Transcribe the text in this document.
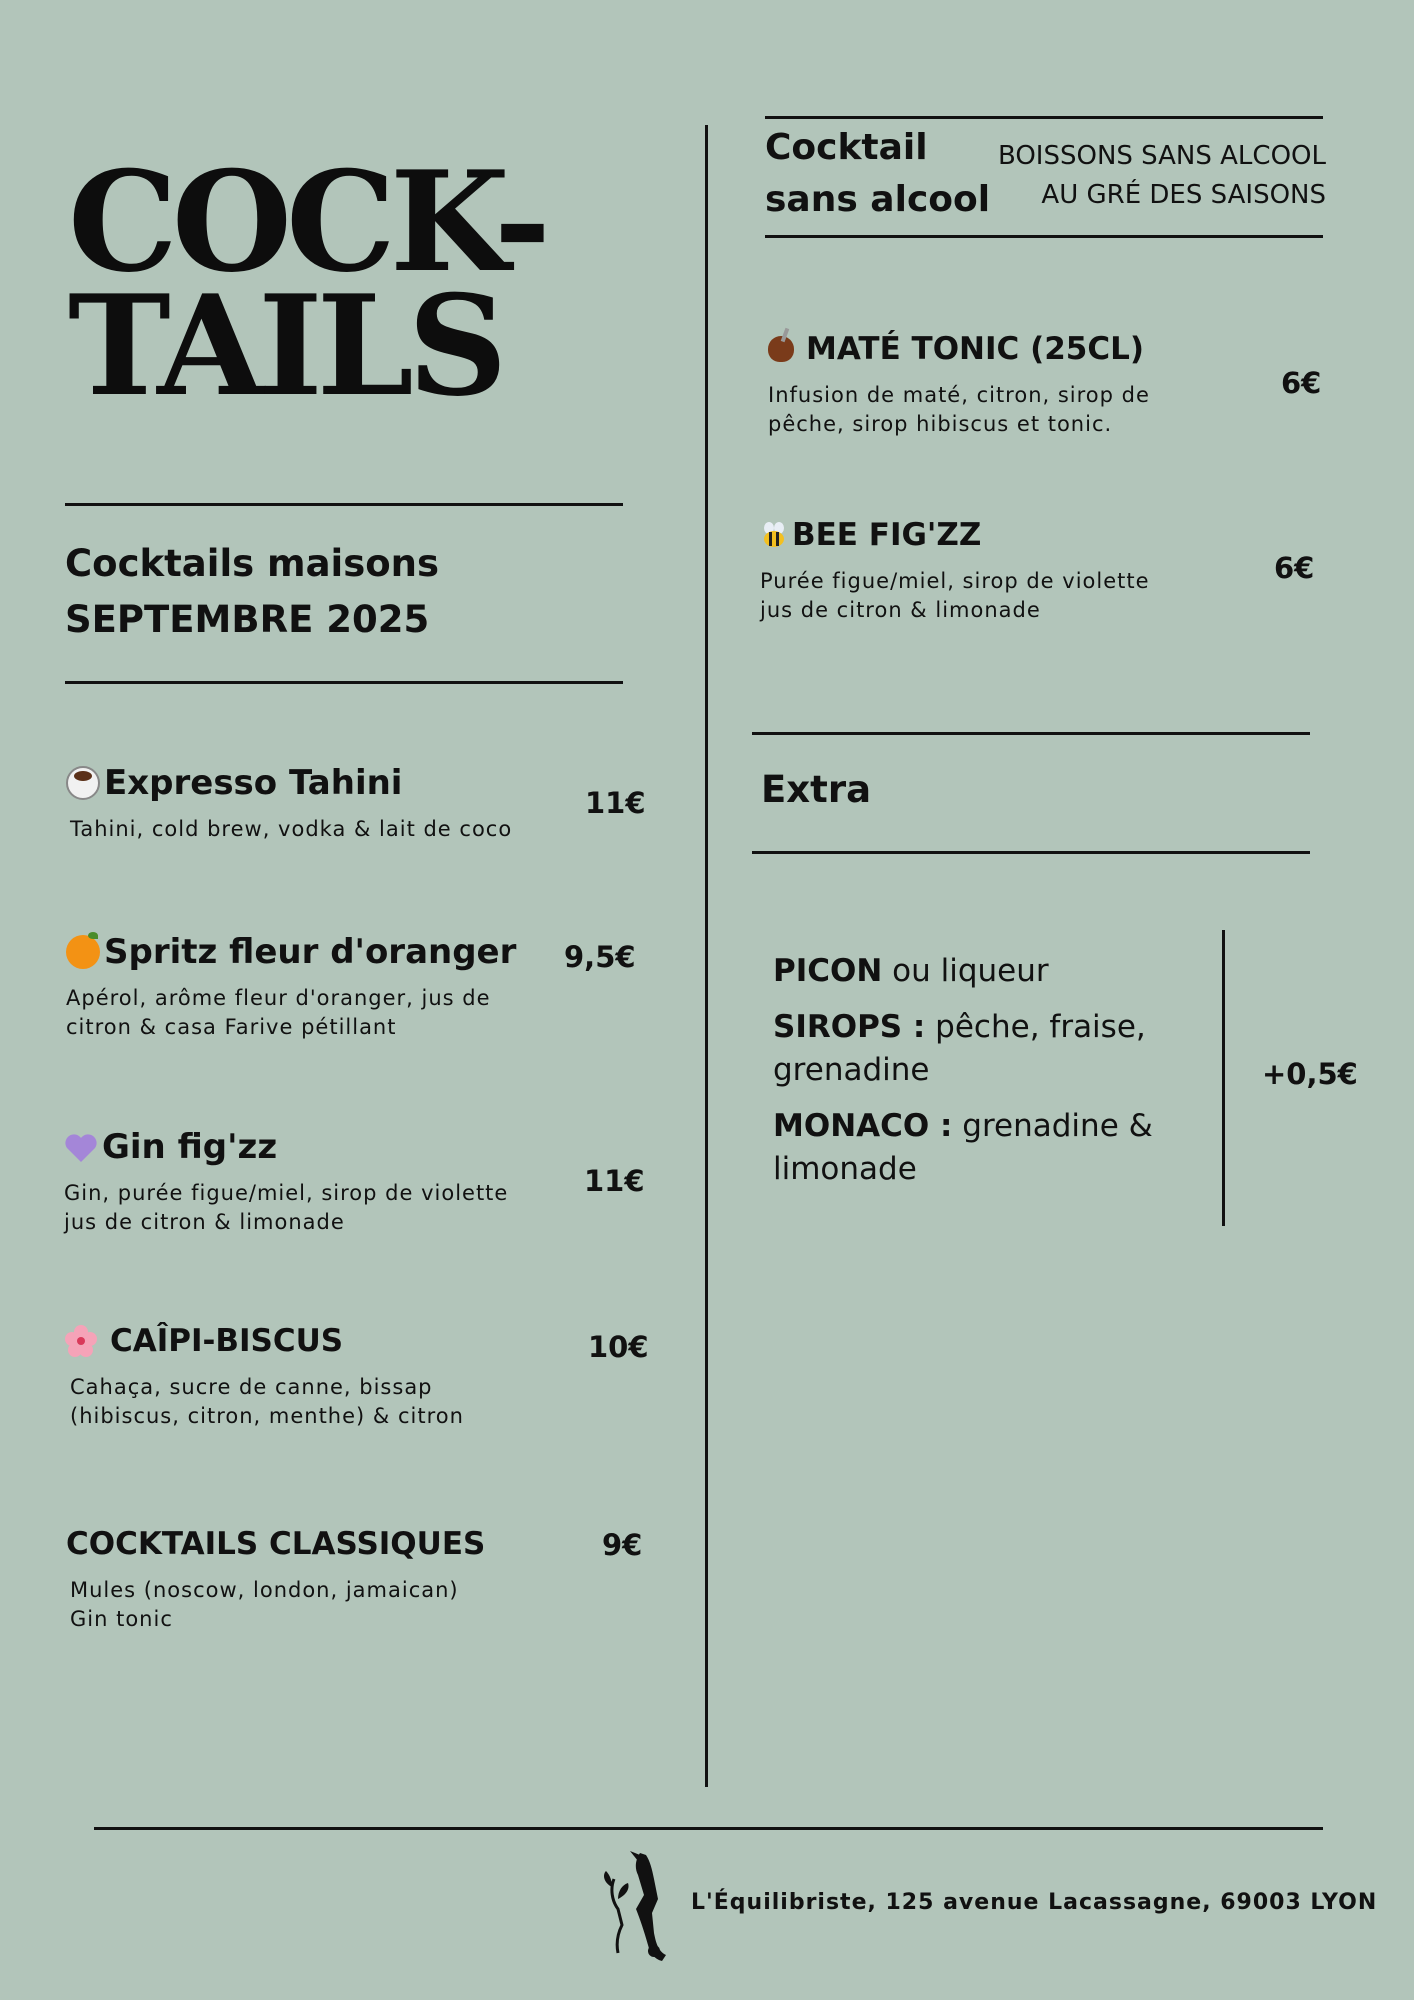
COCK-
TAILS
Cocktails maisons
SEPTEMBRE 2025
Expresso Tahini
Tahini, cold brew, vodka & lait de coco
11€
Spritz fleur d'oranger
Apérol, arôme fleur d'oranger, jus de
citron & casa Farive pétillant
9,5€
Gin fig'zz
Gin, purée figue/miel, sirop de violette
jus de citron & limonade
11€
CAÎPI-BISCUS
Cahaça, sucre de canne, bissap
(hibiscus, citron, menthe) & citron
10€
COCKTAILS CLASSIQUES
Mules (noscow, london, jamaican)
Gin tonic
9€
Cocktail
sans alcool
BOISSONS SANS ALCOOL
AU GRÉ DES SAISONS
MATÉ TONIC (25CL)
Infusion de maté, citron, sirop de
pêche, sirop hibiscus et tonic.
6€
BEE FIG'ZZ
Purée figue/miel, sirop de violette
jus de citron & limonade
6€
Extra
PICON ou liqueur
SIROPS : pêche, fraise, grenadine
MONACO : grenadine & limonade
+0,5€
L'Équilibriste, 125 avenue Lacassagne, 69003 LYON
